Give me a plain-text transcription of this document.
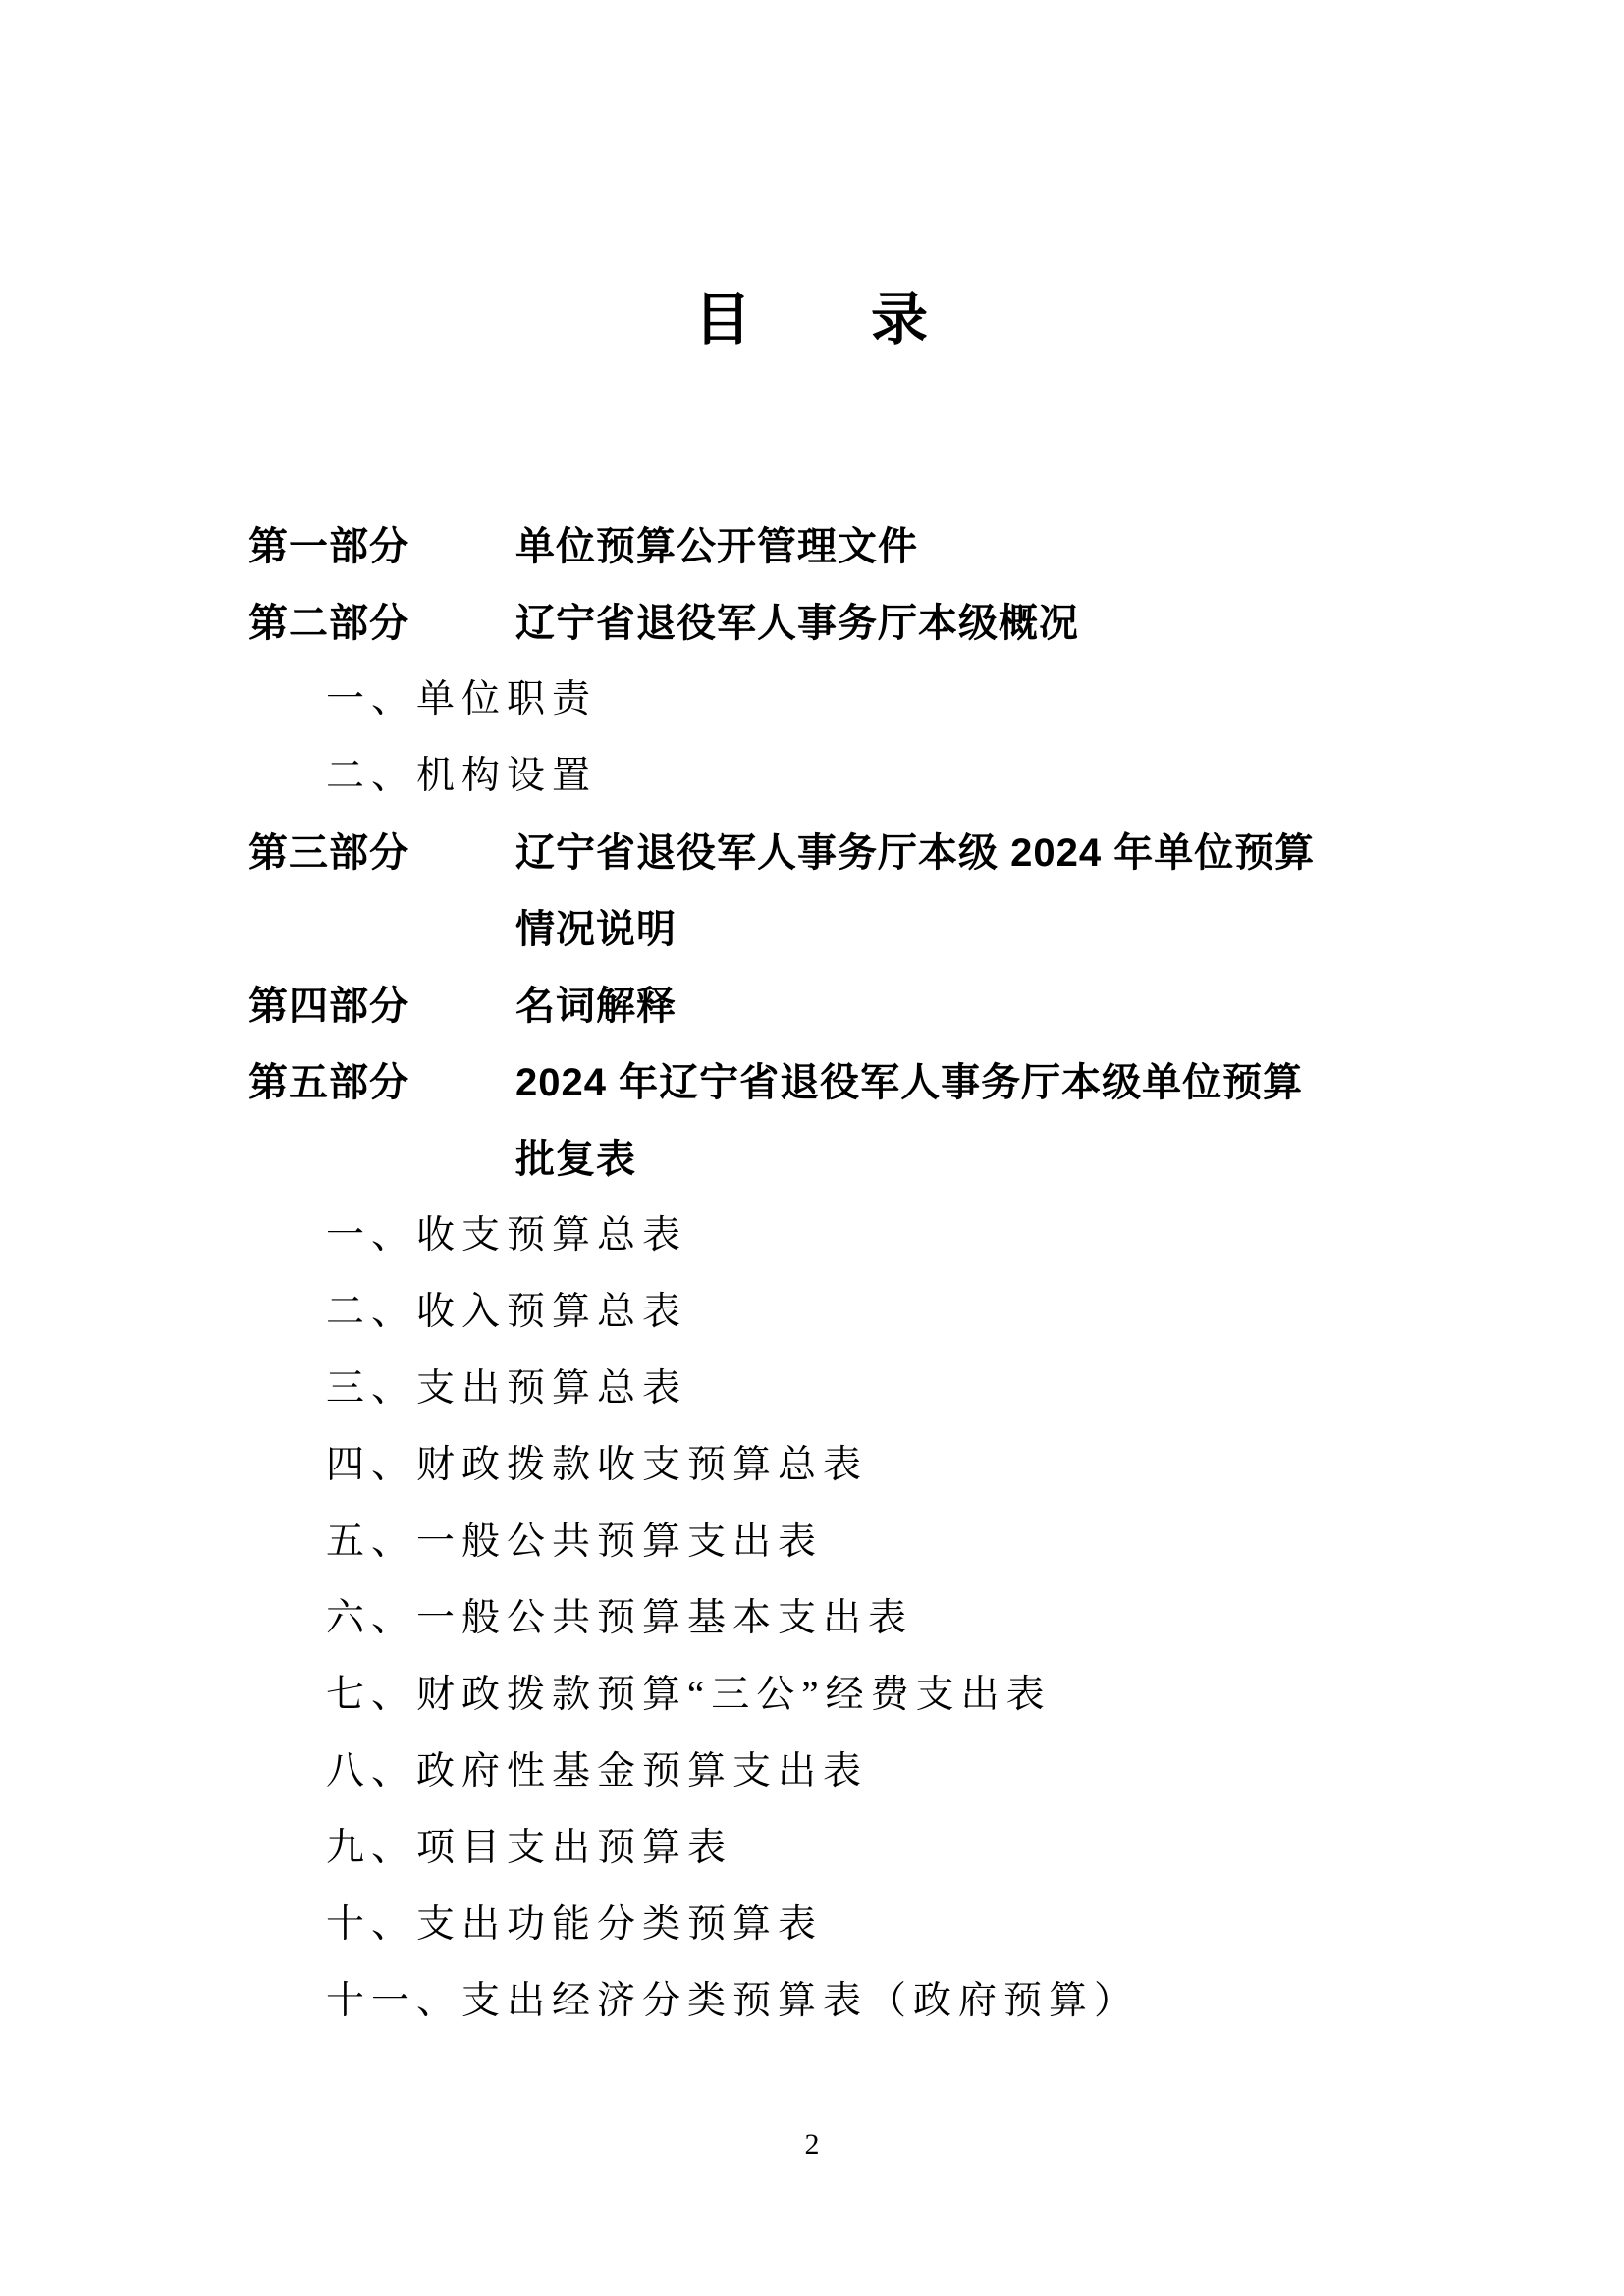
目　　录
第一部分	单位预算公开管理文件
第二部分	辽宁省退役军人事务厅本级概况
一、单位职责
二、机构设置
第三部分	辽宁省退役军人事务厅本级 2024 年单位预算
情况说明
第四部分	名词解释
第五部分	2024 年辽宁省退役军人事务厅本级单位预算
批复表
一、收支预算总表
二、收入预算总表
三、支出预算总表
四、财政拨款收支预算总表
五、一般公共预算支出表
六、一般公共预算基本支出表
七、财政拨款预算“三公”经费支出表
八、政府性基金预算支出表
九、项目支出预算表
十、支出功能分类预算表
十一、支出经济分类预算表（政府预算）
2
